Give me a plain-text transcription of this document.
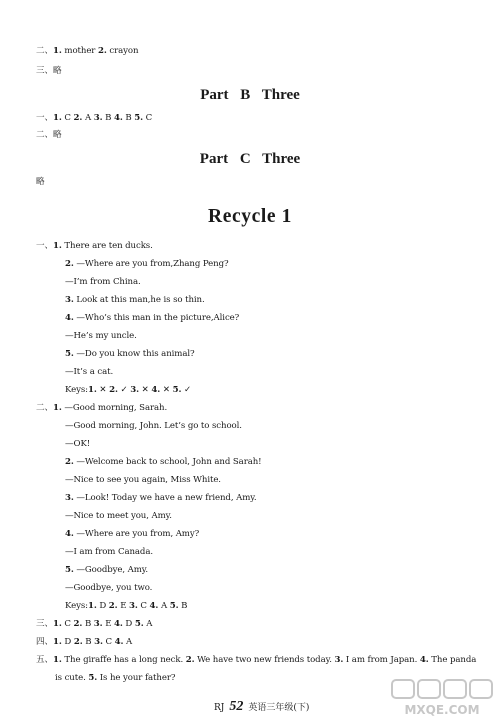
二、1. mother 2. crayon
三、略
一、1. C 2. A 3. B 4. B 5. C
二、略
略
一、1. There are ten ducks.
2. —Where are you from,Zhang Peng?
—I’m from China.
3. Look at this man,he is so thin.
4. —Who’s this man in the picture,Alice?
—He’s my uncle.
5. —Do you know this animal?
—It’s a cat.
Keys:1. ✕ 2. ✓ 3. ✕ 4. ✕ 5. ✓
二、1. —Good morning, Sarah.
—Good morning, John. Let’s go to school.
—OK!
2. —Welcome back to school, John and Sarah!
—Nice to see you again, Miss White.
3. —Look! Today we have a new friend, Amy.
—Nice to meet you, Amy.
4. —Where are you from, Amy?
—I am from Canada.
5. —Goodbye, Amy.
—Goodbye, you two.
Keys:1. D 2. E 3. C 4. A 5. B
三、1. C 2. B 3. E 4. D 5. A
四、1. D 2. B 3. C 4. A
五、1. The giraffe has a long neck. 2. We have two new friends today. 3. I am from Japan. 4. The panda
is cute. 5. Is he your father?
Part B Three
Part C Three
Recycle 1
RJ 52 英语三年级(下)	MXQE.COM
